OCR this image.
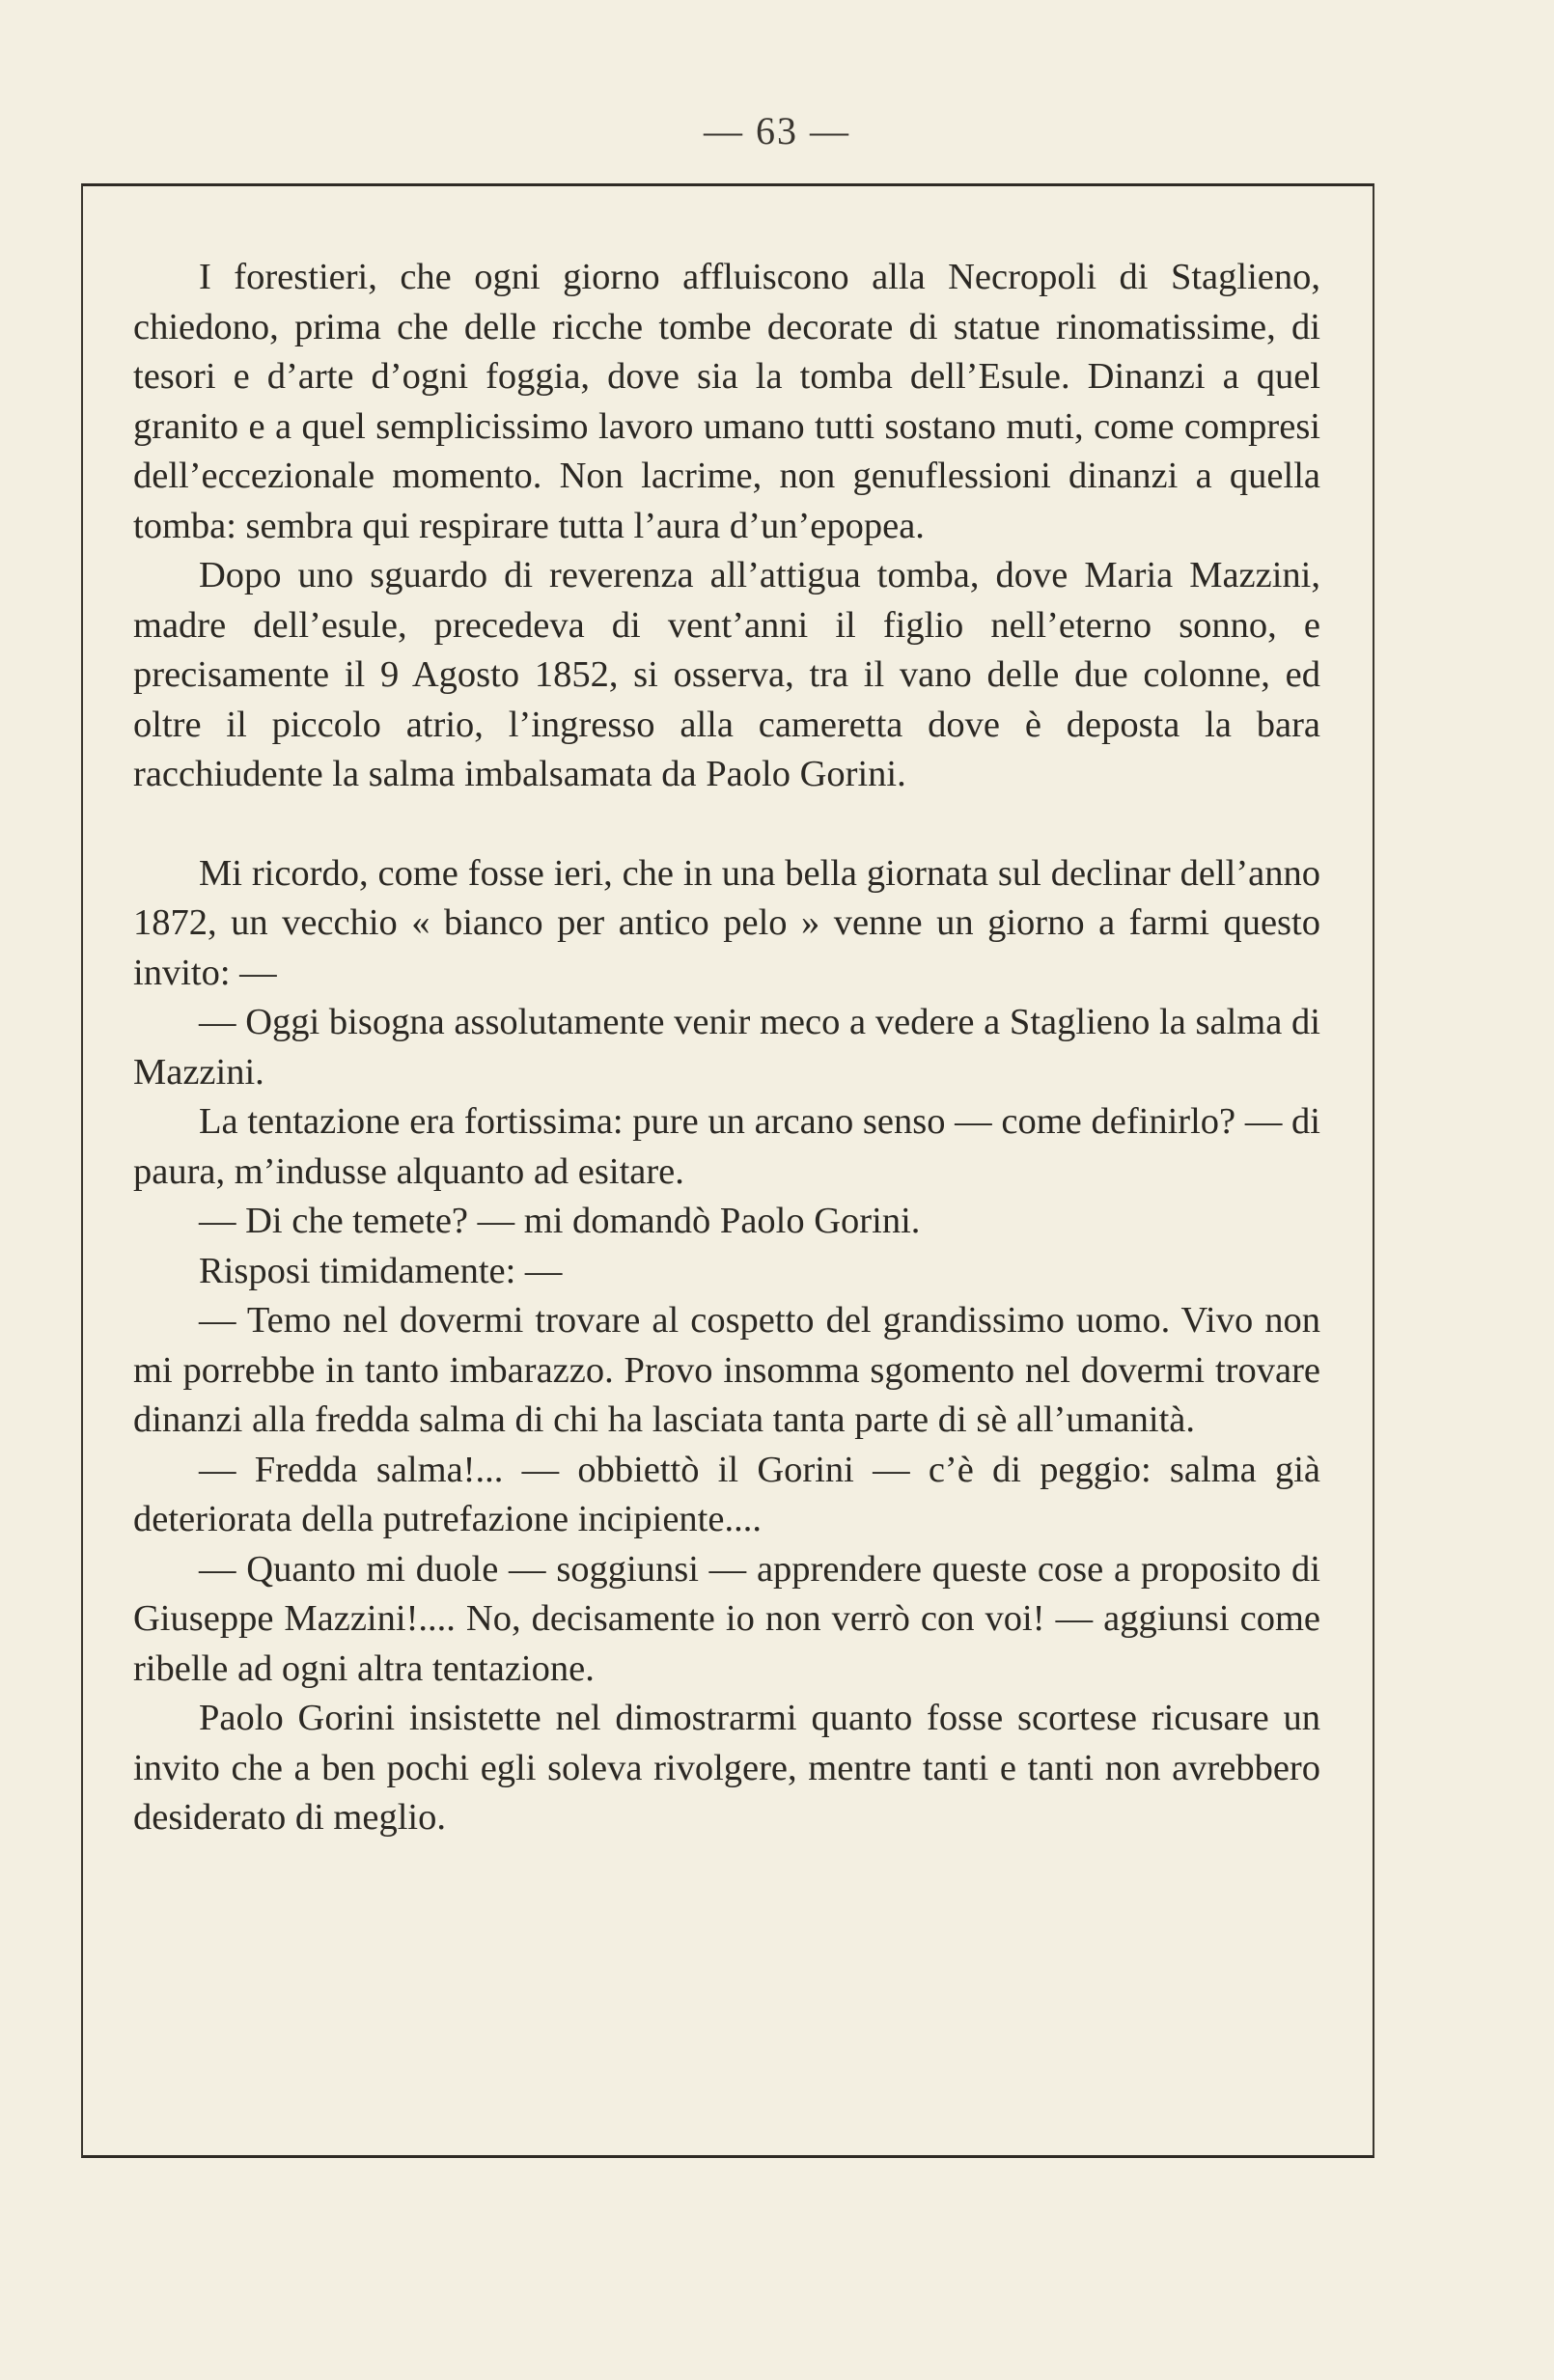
— 63 —

I forestieri, che ogni giorno affluiscono alla Necropoli di Staglieno, chiedono, prima che delle ricche tombe decorate di statue rinomatissime, di tesori e d’arte d’ogni foggia, dove sia la tomba dell’Esule. Dinanzi a quel granito e a quel semplicissimo lavoro umano tutti sostano muti, come compresi dell’eccezionale momento. Non lacrime, non genuflessioni dinanzi a quella tomba: sembra qui respirare tutta l’aura d’un’epopea.

Dopo uno sguardo di reverenza all’attigua tomba, dove Maria Mazzini, madre dell’esule, precedeva di vent’anni il figlio nell’eterno sonno, e precisamente il 9 Agosto 1852, si osserva, tra il vano delle due colonne, ed oltre il piccolo atrio, l’ingresso alla cameretta dove è deposta la bara racchiudente la salma imbalsamata da Paolo Gorini.

Mi ricordo, come fosse ieri, che in una bella giornata sul declinar dell’anno 1872, un vecchio « bianco per antico pelo » venne un giorno a farmi questo invito: —

— Oggi bisogna assolutamente venir meco a vedere a Staglieno la salma di Mazzini.

La tentazione era fortissima: pure un arcano senso — come definirlo? — di paura, m’indusse alquanto ad esitare.

— Di che temete? — mi domandò Paolo Gorini.

Risposi timidamente: —

— Temo nel dovermi trovare al cospetto del grandissimo uomo. Vivo non mi porrebbe in tanto imbarazzo. Provo insomma sgomento nel dovermi trovare dinanzi alla fredda salma di chi ha lasciata tanta parte di sè all’umanità.

— Fredda salma!... — obbiettò il Gorini — c’è di peggio: salma già deteriorata della putrefazione incipiente....

— Quanto mi duole — soggiunsi — apprendere queste cose a proposito di Giuseppe Mazzini!.... No, decisamente io non verrò con voi! — aggiunsi come ribelle ad ogni altra tentazione.

Paolo Gorini insistette nel dimostrarmi quanto fosse scortese ricusare un invito che a ben pochi egli soleva rivolgere, mentre tanti e tanti non avrebbero desiderato di meglio.
